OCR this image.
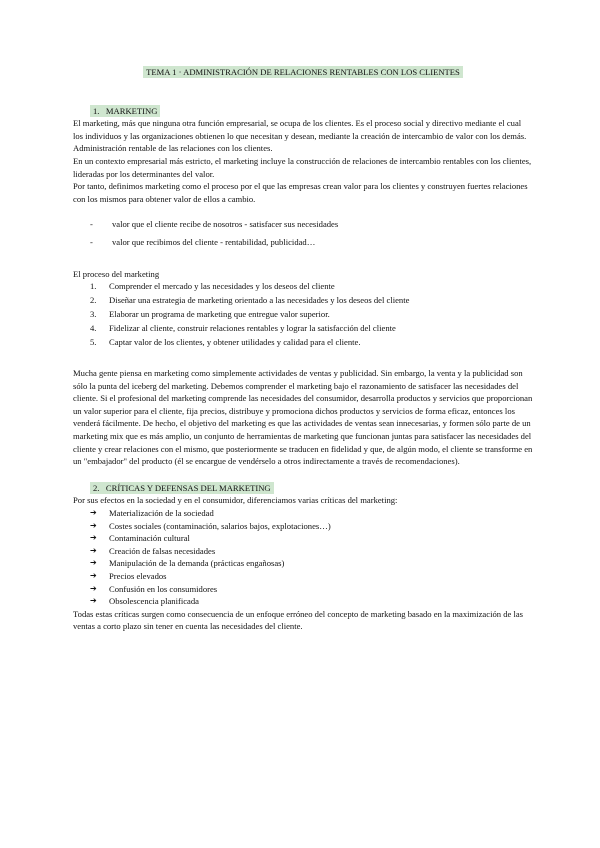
TEMA 1 · ADMINISTRACIÓN DE RELACIONES RENTABLES CON LOS CLIENTES
1.   MARKETING

El marketing, más que ninguna otra función empresarial, se ocupa de los clientes. Es el proceso social y directivo mediante el cual los individuos y las organizaciones obtienen lo que necesitan y desean, mediante la creación de intercambio de valor con los demás. Administración rentable de las relaciones con los clientes.

En un contexto empresarial más estricto, el marketing incluye la construcción de relaciones de intercambio rentables con los clientes, lideradas por los determinantes del valor.

Por tanto, definimos marketing como el proceso por el que las empresas crean valor para los clientes y construyen fuertes relaciones con los mismos para obtener valor de ellos a cambio.

- valor que el cliente recibe de nosotros - satisfacer sus necesidades
- valor que recibimos del cliente - rentabilidad, publicidad…

El proceso del marketing

1. Comprender el mercado y las necesidades y los deseos del cliente
2. Diseñar una estrategia de marketing orientado a las necesidades y los deseos del cliente
3. Elaborar un programa de marketing que entregue valor superior.
4. Fidelizar al cliente, construir relaciones rentables y lograr la satisfacción del cliente
5. Captar valor de los clientes, y obtener utilidades y calidad para el cliente.

Mucha gente piensa en marketing como simplemente actividades de ventas y publicidad. Sin embargo, la venta y la publicidad son sólo la punta del iceberg del marketing. Debemos comprender el marketing bajo el razonamiento de satisfacer las necesidades del cliente. Si el profesional del marketing comprende las necesidades del consumidor, desarrolla productos y servicios que proporcionan un valor superior para el cliente, fija precios, distribuye y promociona dichos productos y servicios de forma eficaz, entonces los venderá fácilmente. De hecho, el objetivo del marketing es que las actividades de ventas sean innecesarias, y formen sólo parte de un marketing mix que es más amplio, un conjunto de herramientas de marketing que funcionan juntas para satisfacer las necesidades del cliente y crear relaciones con el mismo, que posteriormente se traducen en fidelidad y que, de algún modo, el cliente se transforme en un "embajador" del producto (él se encargue de vendérselo a otros indirectamente a través de recomendaciones).

2.   CRÍTICAS Y DEFENSAS DEL MARKETING

Por sus efectos en la sociedad y en el consumidor, diferenciamos varias críticas del marketing:

➔ Materialización de la sociedad
➔ Costes sociales (contaminación, salarios bajos, explotaciones…)
➔ Contaminación cultural
➔ Creación de falsas necesidades
➔ Manipulación de la demanda (prácticas engañosas)
➔ Precios elevados
➔ Confusión en los consumidores
➔ Obsolescencia planificada

Todas estas críticas surgen como consecuencia de un enfoque erróneo del concepto de marketing basado en la maximización de las ventas a corto plazo sin tener en cuenta las necesidades del cliente.
